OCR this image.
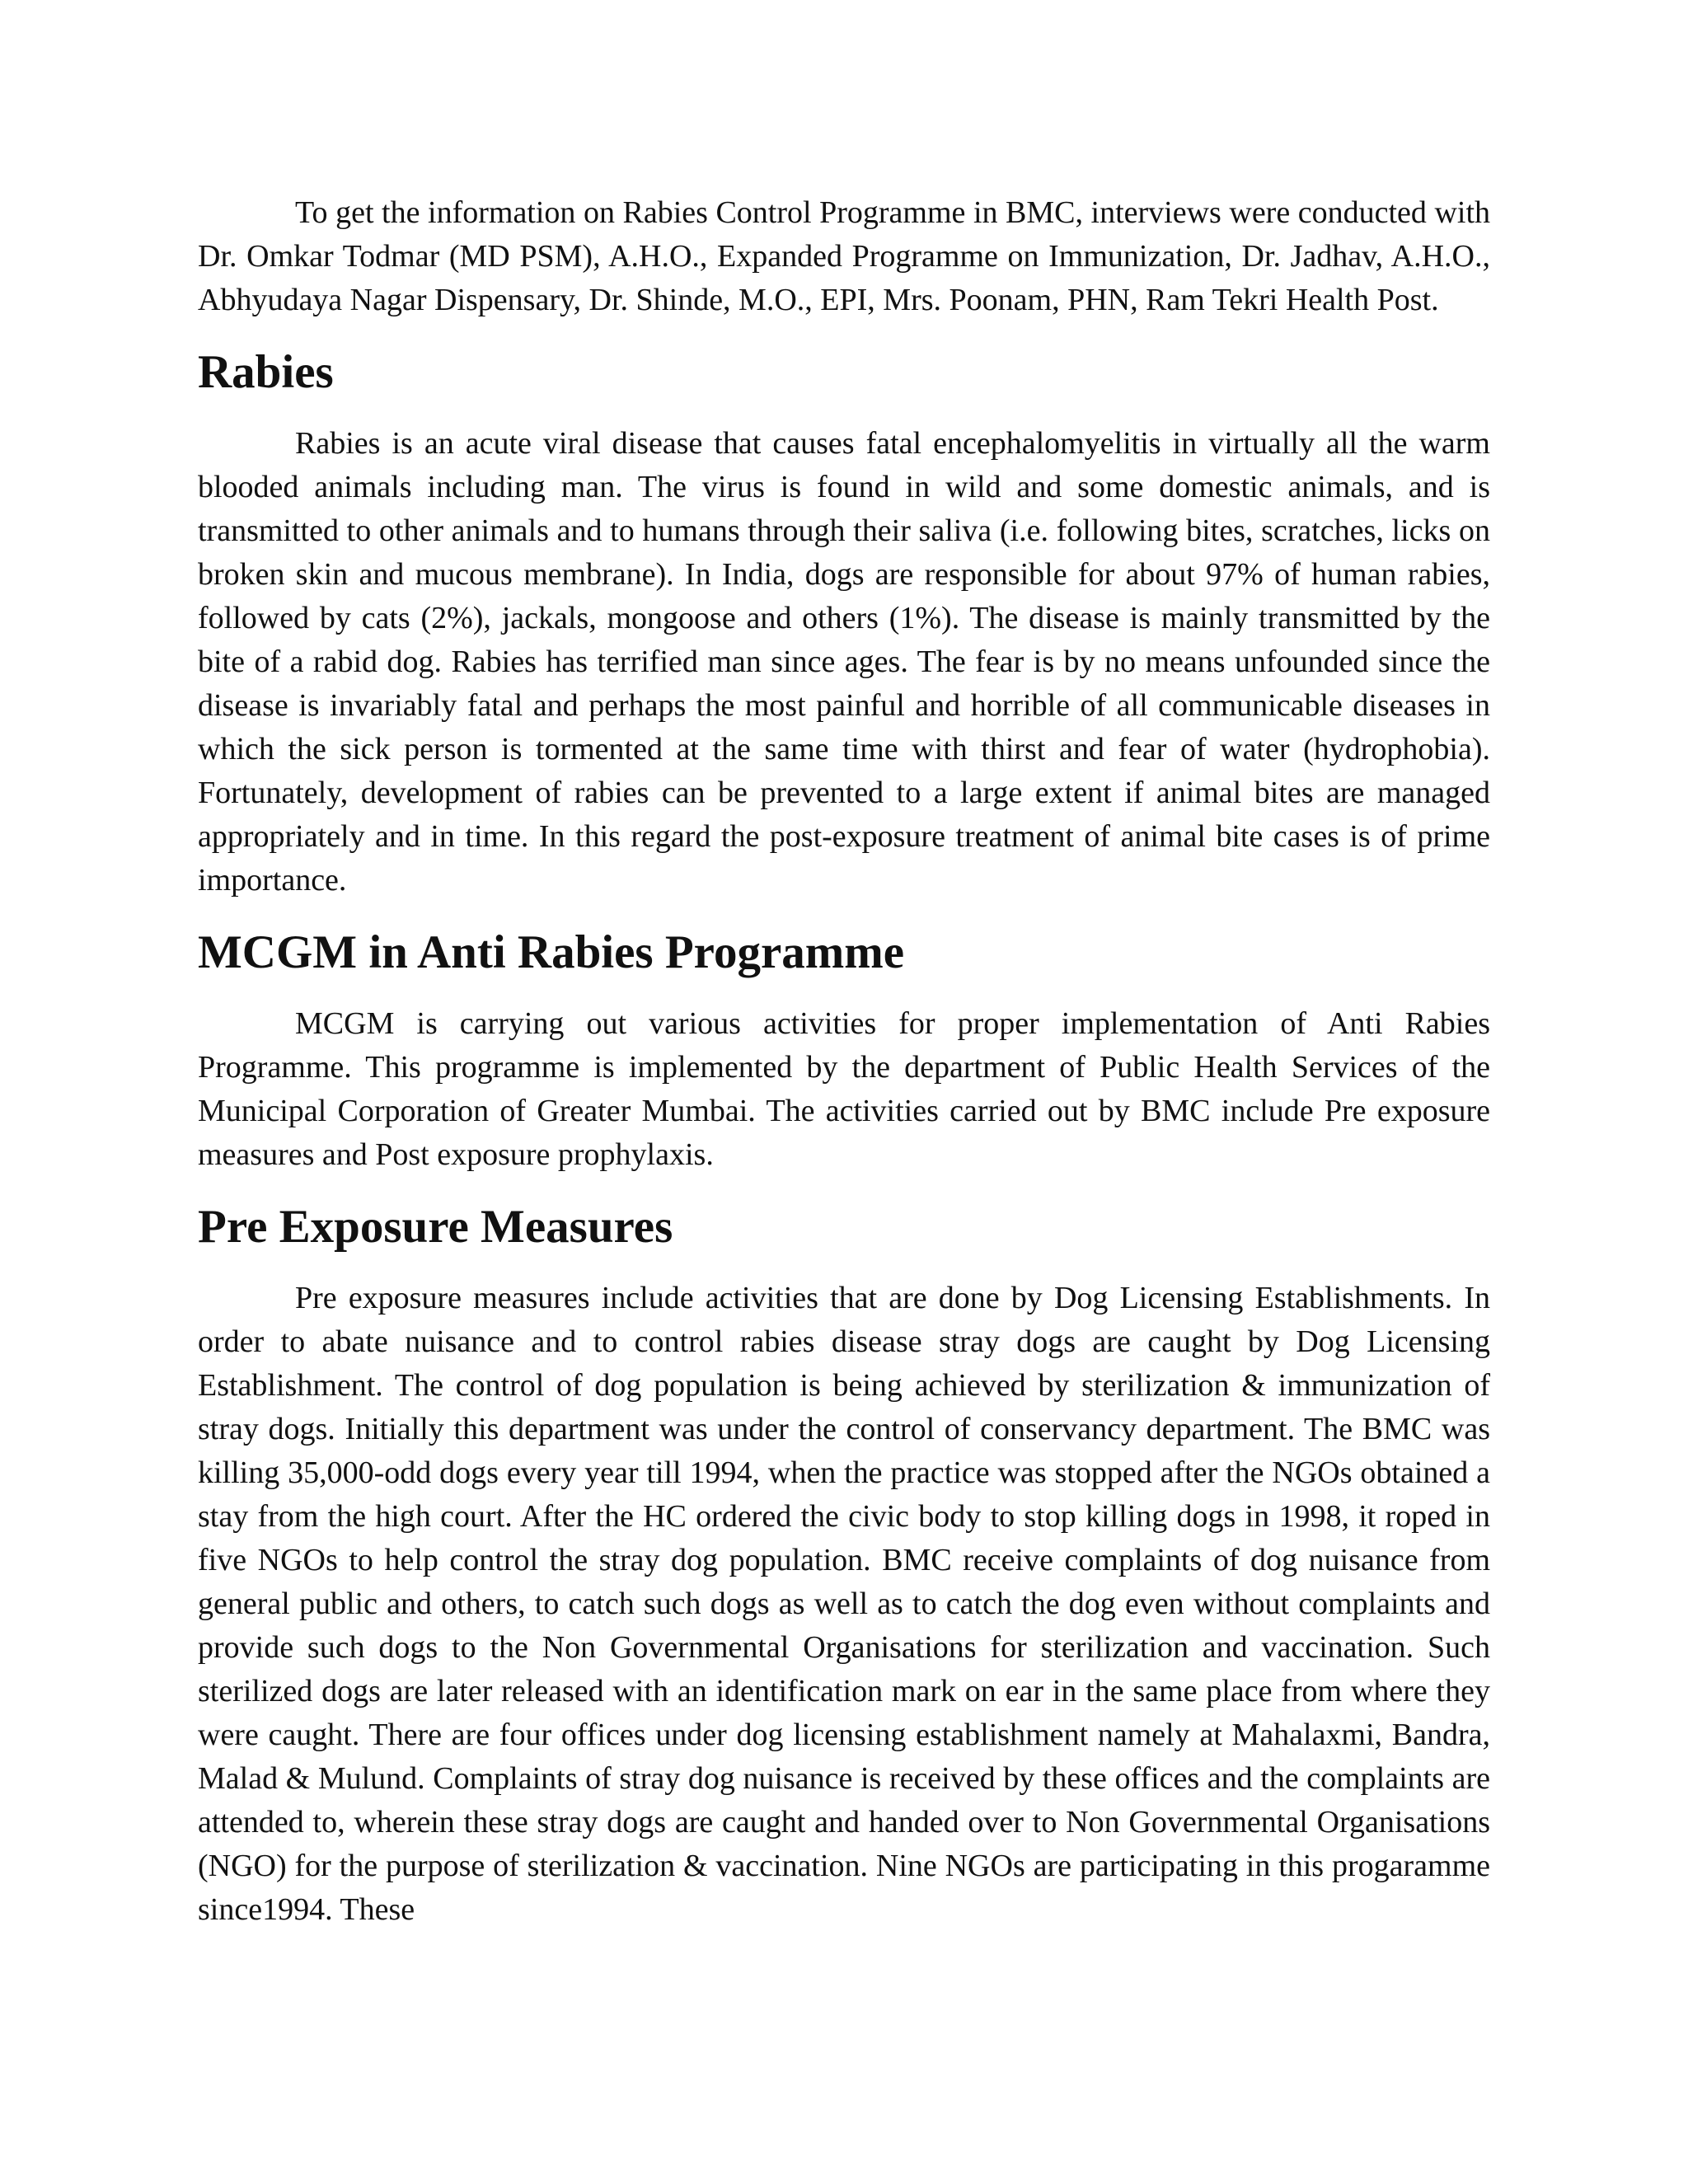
To get the information on Rabies Control Programme in BMC, interviews were conducted with Dr. Omkar Todmar (MD PSM), A.H.O., Expanded Programme on Immunization, Dr. Jadhav, A.H.O., Abhyudaya Nagar Dispensary, Dr. Shinde, M.O., EPI, Mrs. Poonam, PHN, Ram Tekri Health Post.

Rabies

Rabies is an acute viral disease that causes fatal encephalomyelitis in virtually all the warm blooded animals including man. The virus is found in wild and some domestic animals, and is transmitted to other animals and to humans through their saliva (i.e. following bites, scratches, licks on broken skin and mucous membrane). In India, dogs are responsible for about 97% of human rabies, followed by cats (2%), jackals, mongoose and others (1%). The disease is mainly transmitted by the bite of a rabid dog. Rabies has terrified man since ages. The fear is by no means unfounded since the disease is invariably fatal and perhaps the most painful and horrible of all communicable diseases in which the sick person is tormented at the same time with thirst and fear of water (hydrophobia). Fortunately, development of rabies can be prevented to a large extent if animal bites are managed appropriately and in time. In this regard the post-exposure treatment of animal bite cases is of prime importance.

MCGM in Anti Rabies Programme

MCGM is carrying out various activities for proper implementation of Anti Rabies Programme. This programme is implemented by the department of Public Health Services of the Municipal Corporation of Greater Mumbai. The activities carried out by BMC include Pre exposure measures and Post exposure prophylaxis.

Pre Exposure Measures

Pre exposure measures include activities that are done by Dog Licensing Establishments. In order to abate nuisance and to control rabies disease stray dogs are caught by Dog Licensing Establishment. The control of dog population is being achieved by sterilization & immunization of stray dogs. Initially this department was under the control of conservancy department. The BMC was killing 35,000-odd dogs every year till 1994, when the practice was stopped after the NGOs obtained a stay from the high court. After the HC ordered the civic body to stop killing dogs in 1998, it roped in five NGOs to help control the stray dog population. BMC receive complaints of dog nuisance from general public and others, to catch such dogs as well as to catch the dog even without complaints and provide such dogs to the Non Governmental Organisations for sterilization and vaccination. Such sterilized dogs are later released with an identification mark on ear in the same place from where they were caught. There are four offices under dog licensing establishment namely at Mahalaxmi, Bandra, Malad & Mulund. Complaints of stray dog nuisance is received by these offices and the complaints are attended to, wherein these stray dogs are caught and handed over to Non Governmental Organisations (NGO) for the purpose of sterilization & vaccination. Nine NGOs are participating in this progaramme since1994. These
